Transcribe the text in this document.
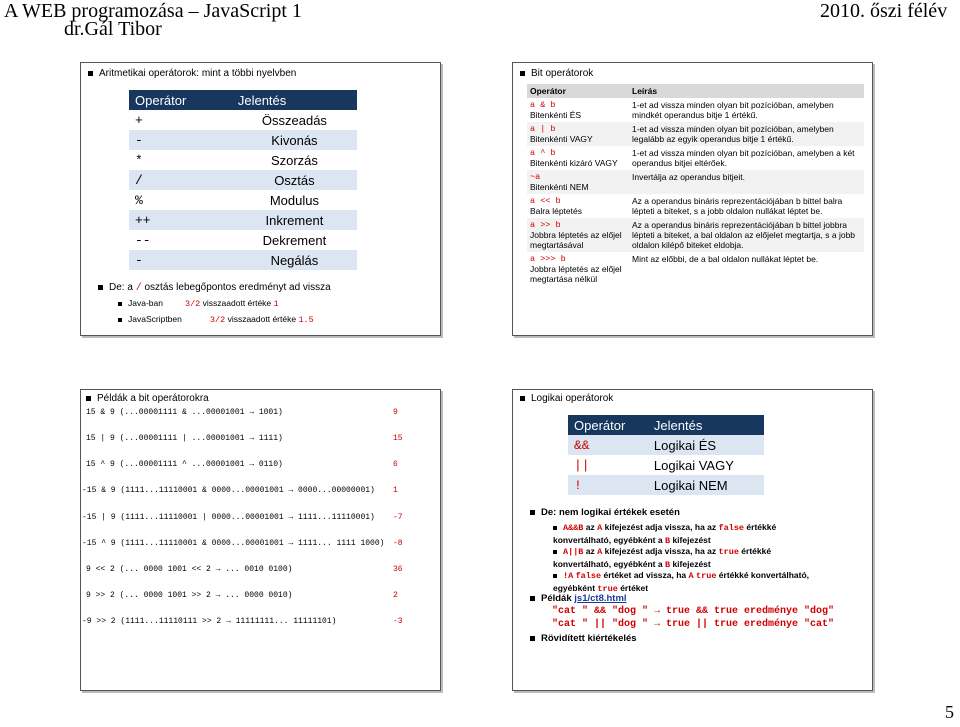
A WEB programozása – JavaScript 1
dr.Gál Tibor
2010. őszi félév
Aritmetikai operátorok: mint a többi nyelvben
Operátor	Jelentés
+	Összeadás
-	Kivonás
*	Szorzás
/	Osztás
%	Modulus
++	Inkrement
--	Dekrement
-	Negálás
De: a / osztás lebegőpontos eredményt ad vissza
Java-ban	3/2 visszaadott értéke 1
JavaScriptben	3/2 visszaadott értéke 1.5
Bit operátorok
Operátor	Leírás

a & b
Bitenkénti ÉS	1-et ad vissza minden olyan bit pozícióban, amelyben mindkét operandus bitje 1 értékű.

a | b
Bitenkénti VAGY	1-et ad vissza minden olyan bit pozícióban, amelyben legalább az egyik operandus bitje 1 értékű.

a ^ b
Bitenkénti kizáró VAGY	1-et ad vissza minden olyan bit pozícióban, amelyben a két operandus bitjei eltérőek.

~a
Bitenkénti NEM	Invertálja az operandus bitjeit.

a << b
Balra léptetés	Az a operandus bináris reprezentációjában b bittel balra lépteti a biteket, s a jobb oldalon nullákat léptet be.

a >> b
Jobbra léptetés az előjel megtartásával	Az a operandus bináris reprezentációjában b bittel jobbra lépteti a biteket, a bal oldalon az előjelet megtartja, s a jobb oldalon kilépő biteket eldobja.

a >>> b
Jobbra léptetés az előjel megtartása nélkül	Mint az előbbi, de a bal oldalon nullákat léptet be.
Példák a bit operátorokra
15 & 9 (...00001111 & ...00001001 → 1001)	9
15 | 9 (...00001111 | ...00001001 → 1111)	15
15 ^ 9 (...00001111 ^ ...00001001 → 0110)	6
-15 & 9 (1111...11110001 & 0000...00001001 → 0000...00000001) 1
-15 | 9 (1111...11110001 | 0000...00001001 → 1111...11110001) -7
-15 ^ 9 (1111...11110001 & 0000...00001001 → 1111... 1111 1000) -8
9 << 2 (... 0000 1001 << 2 → ... 0010 0100)	36
9 >> 2 (... 0000 1001 >> 2 → ... 0000 0010)	2
-9 >> 2 (1111...11110111 >> 2 → 11111111... 11111101)	-3
Logikai operátorok
Operátor	Jelentés
&&	Logikai ÉS
||	Logikai VAGY
!	Logikai NEM
De: nem logikai értékek esetén
A&&B az A kifejezést adja vissza, ha az false értékké konvertálható, egyébként a B kifejezést
A||B az A kifejezést adja vissza, ha az true értékké konvertálható, egyébként a B kifejezést
!A false értéket ad vissza, ha A true értékké konvertálható, egyébként true értéket
Példák js1/ct8.html
"cat " && "dog " → true && true eredménye "dog"
"cat " || "dog " → true || true eredménye "cat"
Rövidített kiértékelés
5
